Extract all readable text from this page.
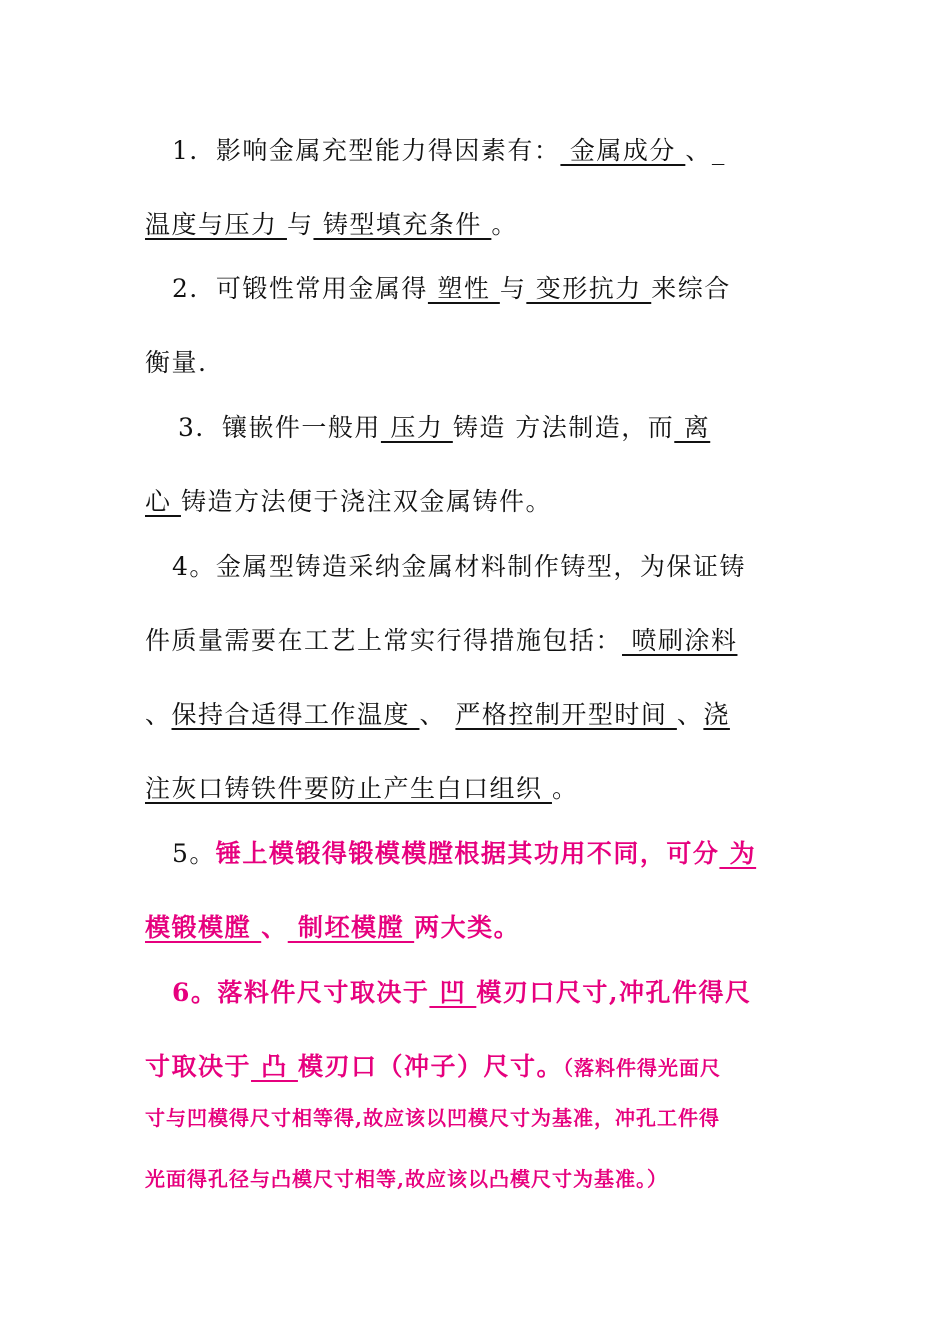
1．影响金属充型能力得因素有： 金属成分 、_
温度与压力 与 铸型填充条件 。
2．可锻性常用金属得 塑性 与 变形抗力 来综合
衡量.
3．镶嵌件一般用 压力 铸造 方法制造，而 离
心 铸造方法便于浇注双金属铸件。
4。金属型铸造采纳金属材料制作铸型，为保证铸
件质量需要在工艺上常实行得措施包括： 喷刷涂料
、保持合适得工作温度 、 严格控制开型时间 、浇
注灰口铸铁件要防止产生白口组织 。
5。锤上模锻得锻模模膛根据其功用不同，可分 为
模锻模膛 、 制坯模膛 两大类。
6。落料件尺寸取决于 凹 模刃口尺寸,冲孔件得尺
寸取决于 凸 模刃口（冲子）尺寸。（落料件得光面尺
寸与凹模得尺寸相等得,故应该以凹模尺寸为基准，冲孔工件得
光面得孔径与凸模尺寸相等,故应该以凸模尺寸为基准。）
